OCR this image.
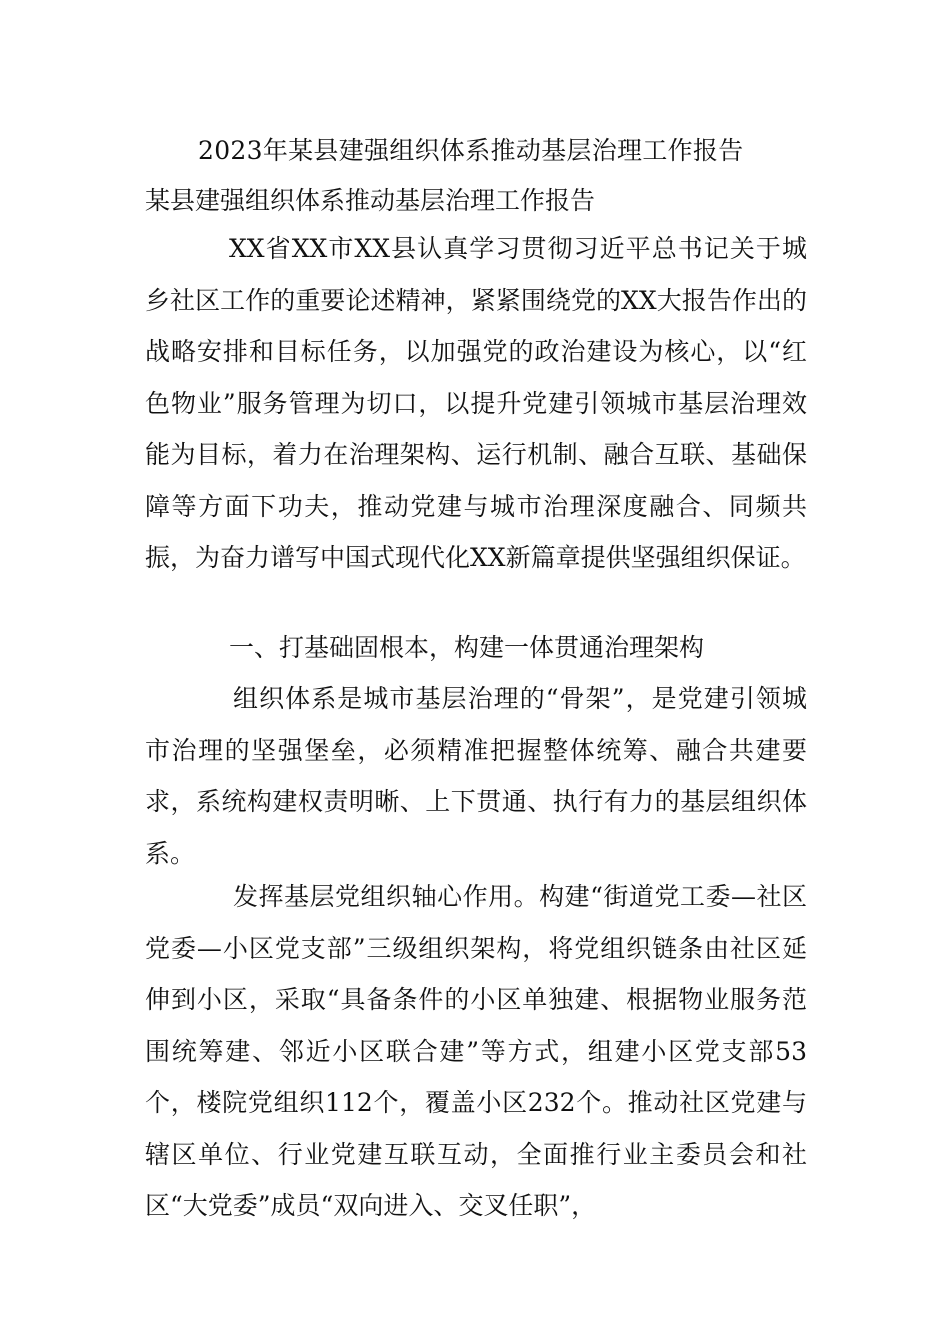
2023年某县建强组织体系推动基层治理工作报告
某县建强组织体系推动基层治理工作报告

XX省XX市XX县认真学习贯彻习近平总书记关于城乡社区工作的重要论述精神，紧紧围绕党的XX大报告作出的战略安排和目标任务，以加强党的政治建设为核心，以“红色物业”服务管理为切口，以提升党建引领城市基层治理效能为目标，着力在治理架构、运行机制、融合互联、基础保障等方面下功夫，推动党建与城市治理深度融合、同频共振，为奋力谱写中国式现代化XX新篇章提供坚强组织保证。

一、打基础固根本，构建一体贯通治理架构

组织体系是城市基层治理的“骨架”，是党建引领城市治理的坚强堡垒，必须精准把握整体统筹、融合共建要求，系统构建权责明晰、上下贯通、执行有力的基层组织体系。

发挥基层党组织轴心作用。构建“街道党工委—社区党委—小区党支部”三级组织架构，将党组织链条由社区延伸到小区，采取“具备条件的小区单独建、根据物业服务范围统筹建、邻近小区联合建”等方式，组建小区党支部53个，楼院党组织112个，覆盖小区232个。推动社区党建与辖区单位、行业党建互联互动，全面推行业主委员会和社区“大党委”成员“双向进入、交叉任职”，
